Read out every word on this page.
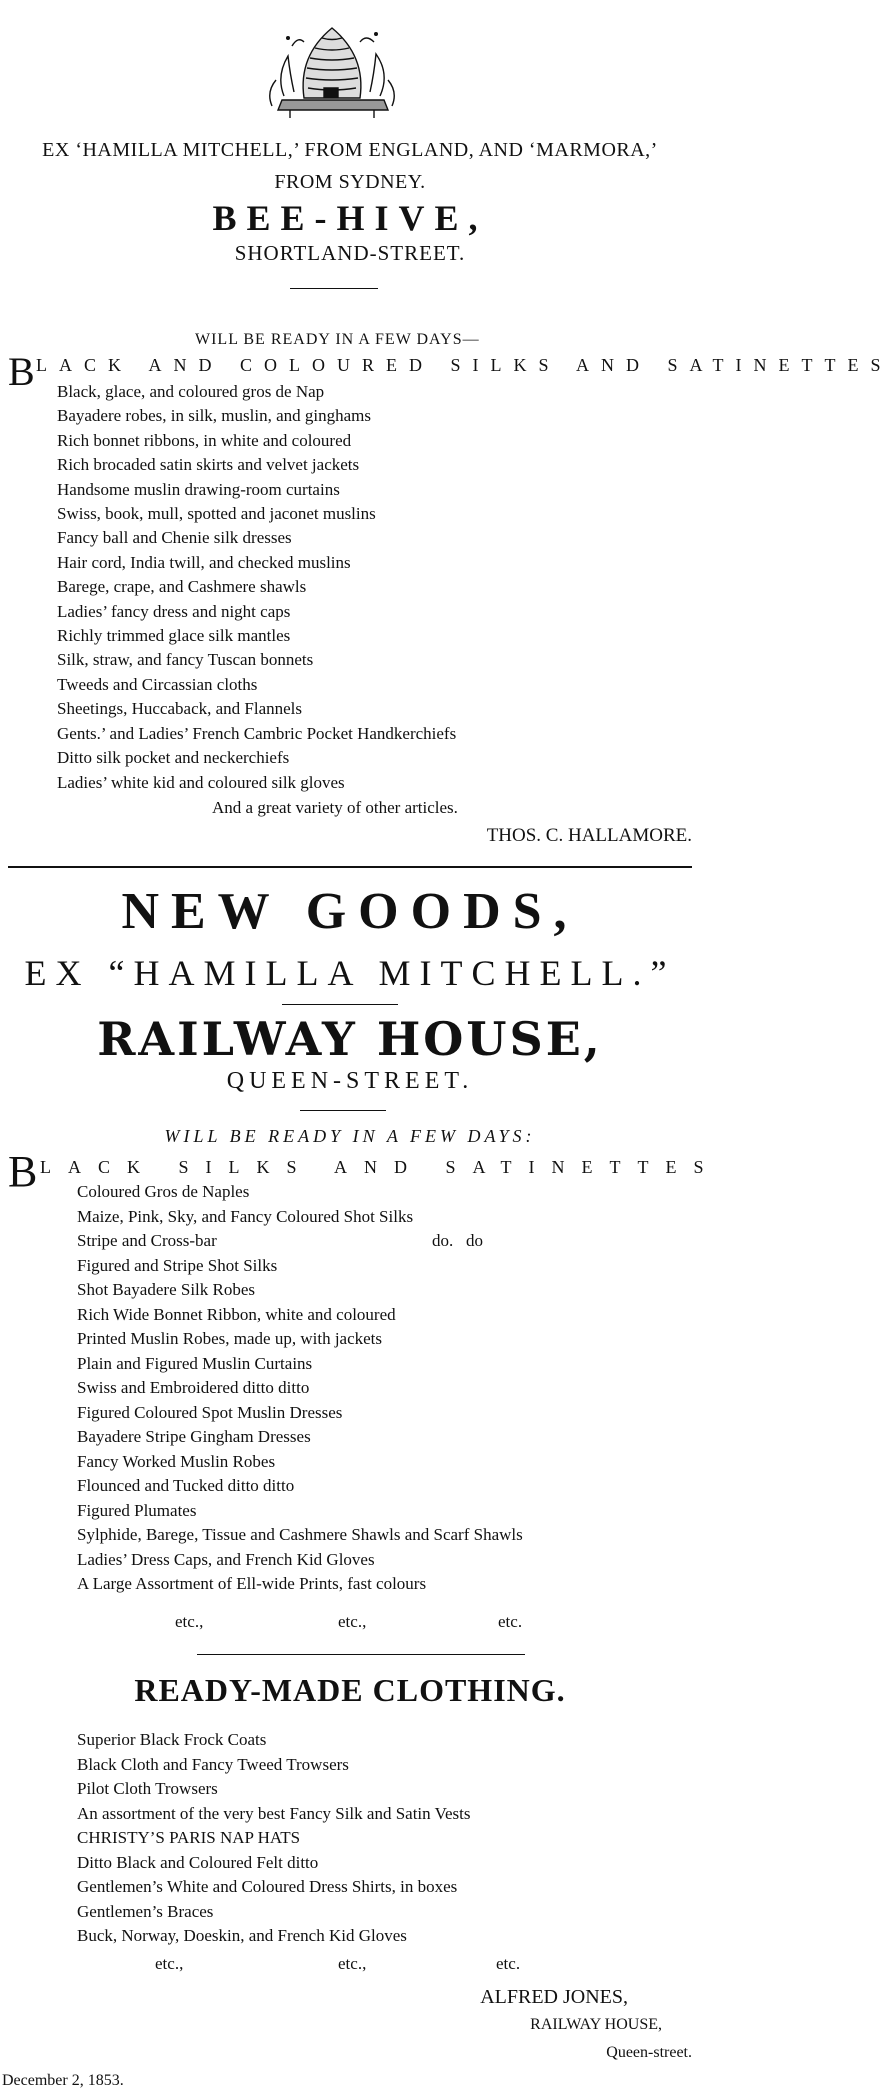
EX ‘HAMILLA MITCHELL,’ FROM ENGLAND, AND ‘MARMORA,’
FROM SYDNEY.
BEE-HIVE,
SHORTLAND-STREET.
WILL BE READY IN A FEW DAYS—
B LACK AND COLOURED SILKS AND SATINETTES
Black, glace, and coloured gros de Nap
Bayadere robes, in silk, muslin, and ginghams
Rich bonnet ribbons, in white and coloured
Rich brocaded satin skirts and velvet jackets
Handsome muslin drawing-room curtains
Swiss, book, mull, spotted and jaconet muslins
Fancy ball and Chenie silk dresses
Hair cord, India twill, and checked muslins
Barege, crape, and Cashmere shawls
Ladies’ fancy dress and night caps
Richly trimmed glace silk mantles
Silk, straw, and fancy Tuscan bonnets
Tweeds and Circassian cloths
Sheetings, Huccaback, and Flannels
Gents.’ and Ladies’ French Cambric Pocket Handkerchiefs
Ditto silk pocket and neckerchiefs
Ladies’ white kid and coloured silk gloves
And a great variety of other articles.
THOS. C. HALLAMORE.
NEW GOODS,
EX “HAMILLA MITCHELL.”
RAILWAY HOUSE,
QUEEN-STREET.
WILL BE READY IN A FEW DAYS:
B LACK SILKS AND SATINETTES
Coloured Gros de Naples
Maize, Pink, Sky, and Fancy Coloured Shot Silks
Stripe and Cross-bar	do.   do
Figured and Stripe Shot Silks
Shot Bayadere Silk Robes
Rich Wide Bonnet Ribbon, white and coloured
Printed Muslin Robes, made up, with jackets
Plain and Figured Muslin Curtains
Swiss and Embroidered ditto ditto
Figured Coloured Spot Muslin Dresses
Bayadere Stripe Gingham Dresses
Fancy Worked Muslin Robes
Flounced and Tucked ditto ditto
Figured Plumates
Sylphide, Barege, Tissue and Cashmere Shawls and Scarf Shawls
Ladies’ Dress Caps, and French Kid Gloves
A Large Assortment of Ell-wide Prints, fast colours
etc.,	etc.,	etc.
READY-MADE CLOTHING.
Superior Black Frock Coats
Black Cloth and Fancy Tweed Trowsers
Pilot Cloth Trowsers
An assortment of the very best Fancy Silk and Satin Vests
CHRISTY’S PARIS NAP HATS
Ditto Black and Coloured Felt ditto
Gentlemen’s White and Coloured Dress Shirts, in boxes
Gentlemen’s Braces
Buck, Norway, Doeskin, and French Kid Gloves
etc.,	etc.,	etc.
ALFRED JONES,
RAILWAY HOUSE,
Queen-street.
December 2, 1853.
